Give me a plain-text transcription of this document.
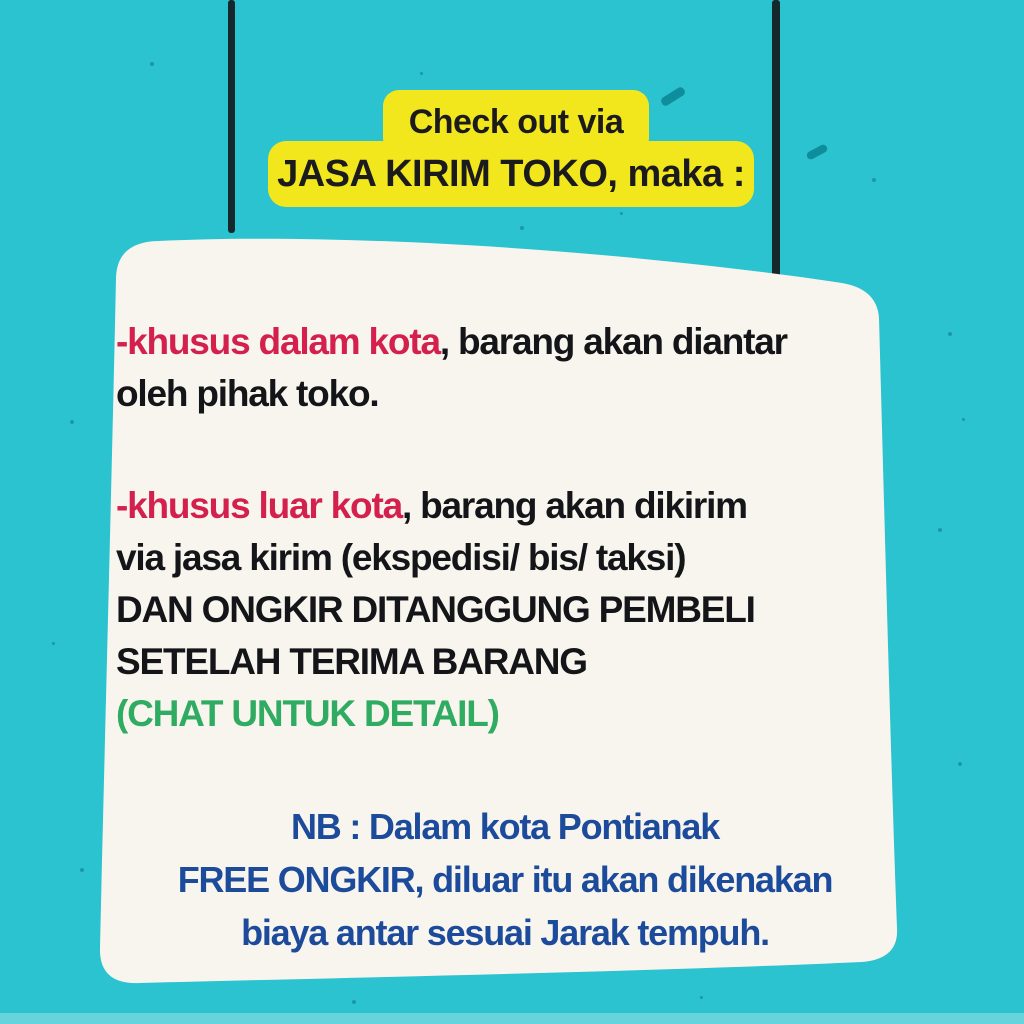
Check out via
JASA KIRIM TOKO, maka :
-khusus dalam kota, barang akan diantar
oleh pihak toko.
-khusus luar kota, barang akan dikirim
via jasa kirim (ekspedisi/ bis/ taksi)
DAN ONGKIR DITANGGUNG PEMBELI
SETELAH TERIMA BARANG
(CHAT UNTUK DETAIL)
NB : Dalam kota Pontianak
FREE ONGKIR, diluar itu akan dikenakan
biaya antar sesuai Jarak tempuh.
